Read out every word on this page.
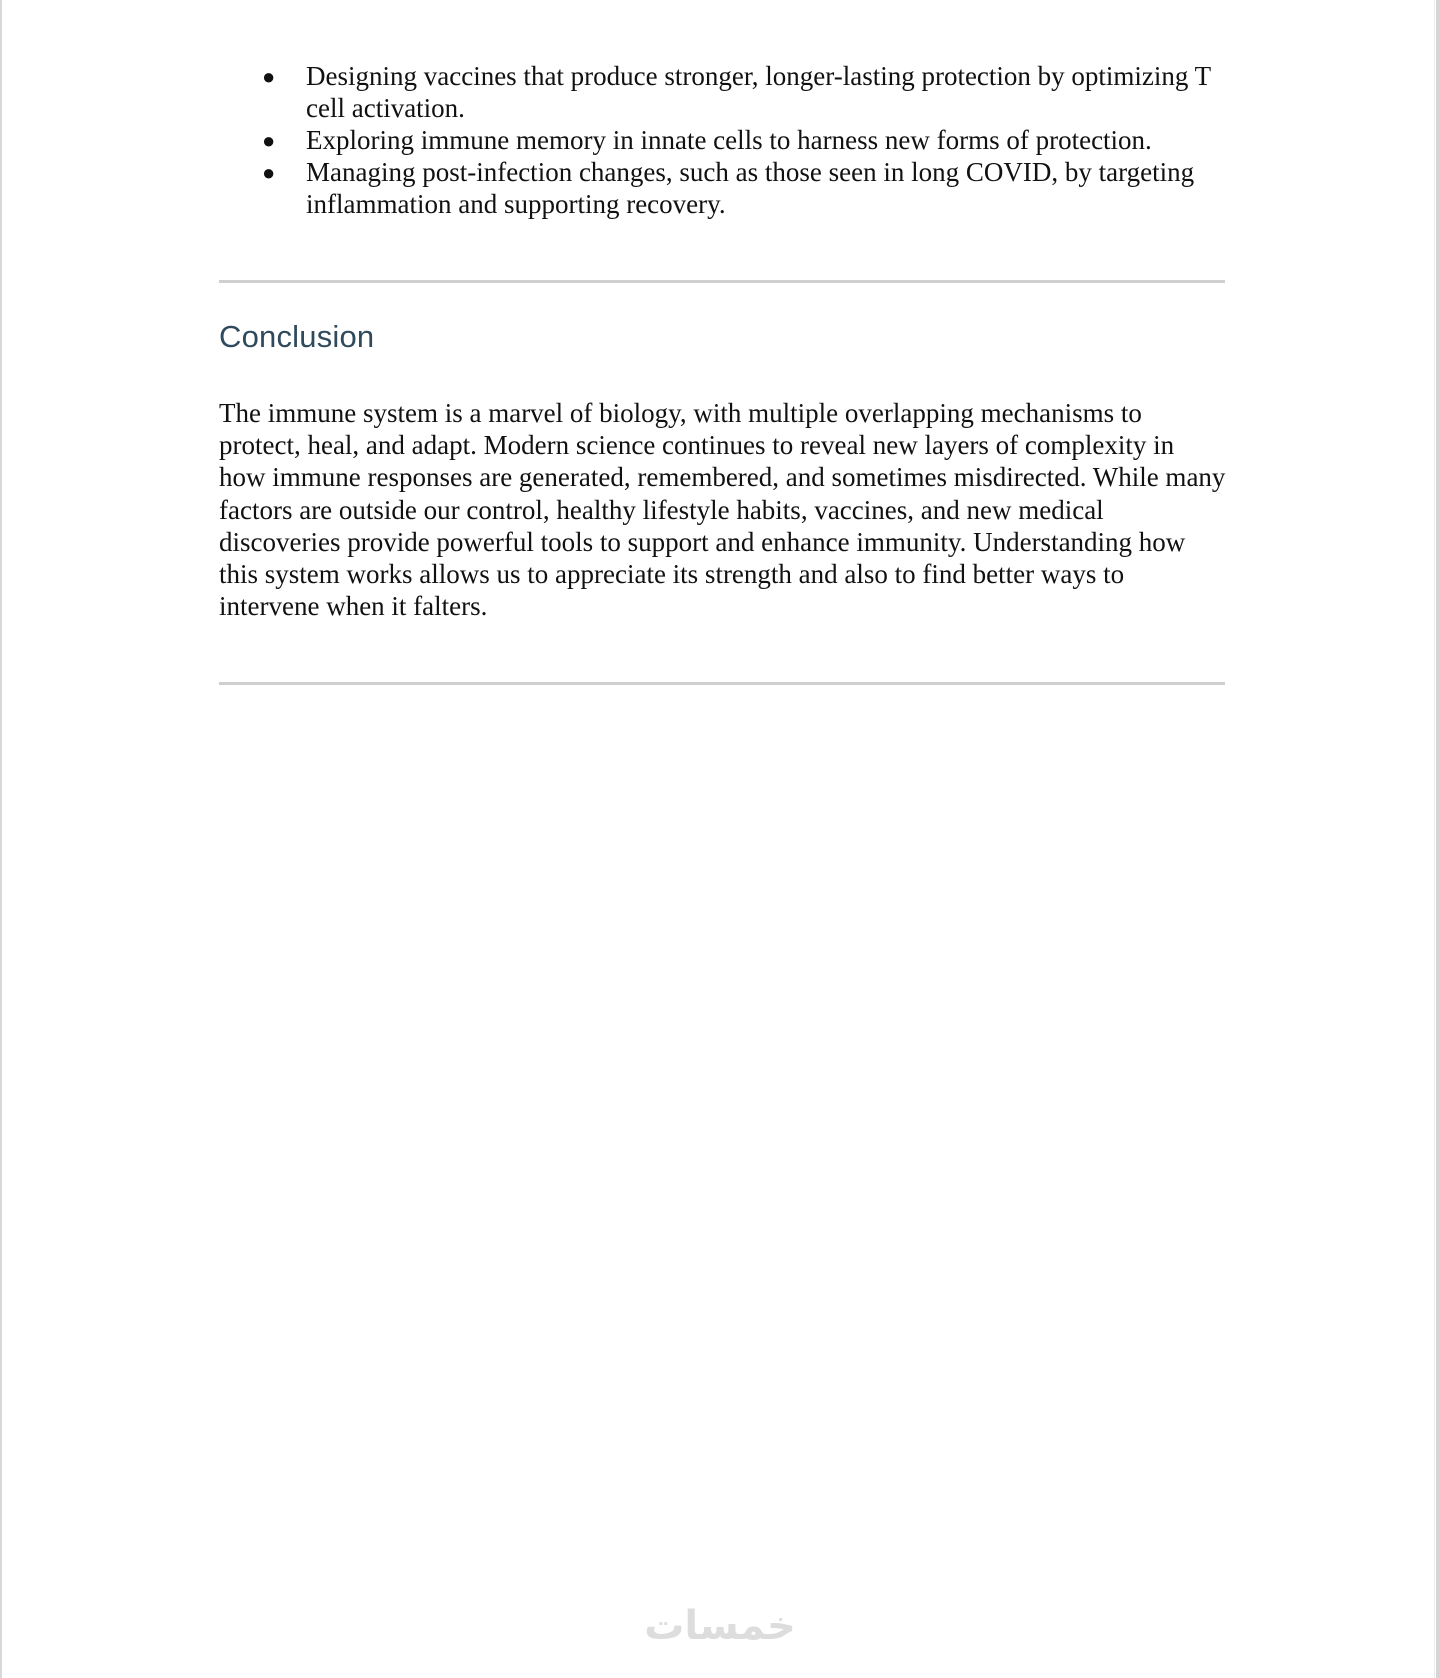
● Designing vaccines that produce stronger, longer-lasting protection by optimizing T cell activation.
● Exploring immune memory in innate cells to harness new forms of protection.
● Managing post-infection changes, such as those seen in long COVID, by targeting inflammation and supporting recovery.
Conclusion

The immune system is a marvel of biology, with multiple overlapping mechanisms to protect, heal, and adapt. Modern science continues to reveal new layers of complexity in how immune responses are generated, remembered, and sometimes misdirected. While many factors are outside our control, healthy lifestyle habits, vaccines, and new medical discoveries provide powerful tools to support and enhance immunity. Understanding how this system works allows us to appreciate its strength and also to find better ways to intervene when it falters.

خمسات
